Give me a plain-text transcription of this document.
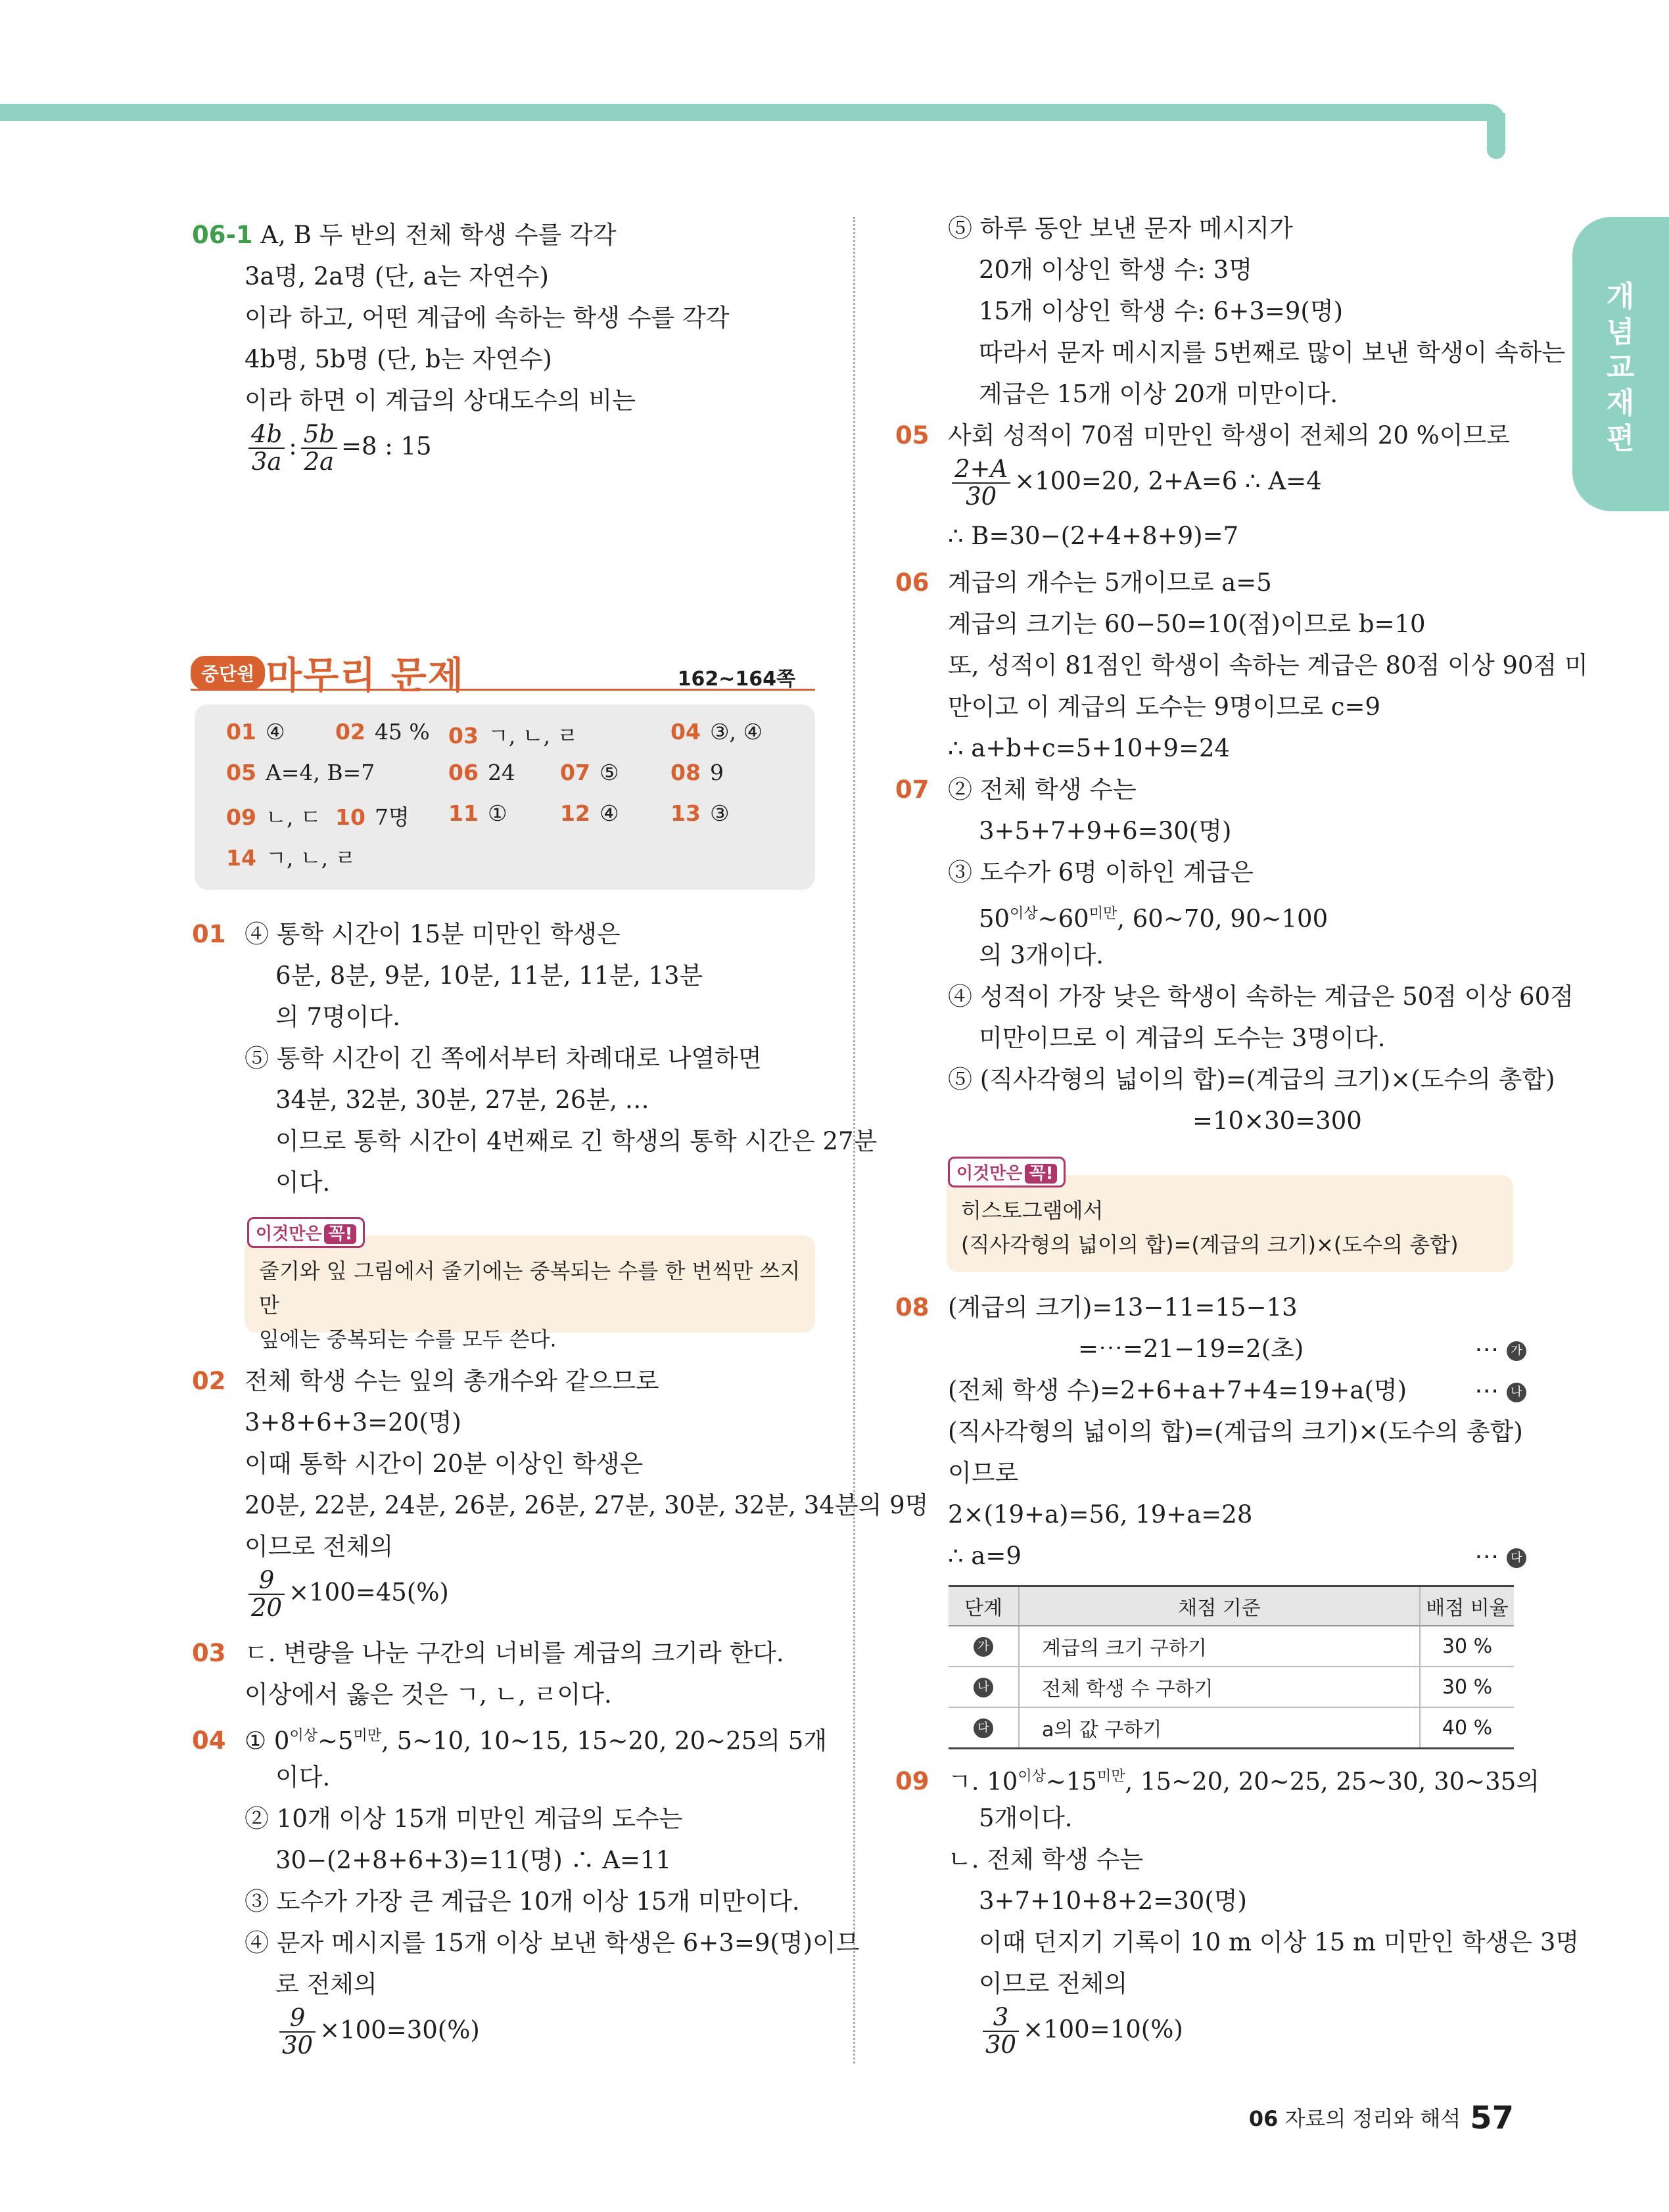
개념교재편
06-1 A, B 두 반의 전체 학생 수를 각각
3a명, 2a명 (단, a는 자연수)
이라 하고, 어떤 계급에 속하는 학생 수를 각각
4b명, 5b명 (단, b는 자연수)
이라 하면 이 계급의 상대도수의 비는
$\frac{4b}{3a}$ : $\frac{5b}{2a} =8$ : 15
중단원 마무리 문제	162~164쪽
01 ④ 02 45 % 03 ㄱ, ㄴ, ㄹ	04 ③, ④
05 A=4, B=7	06 24 07 ⑤ 08 9
09 ㄴ, ㄷ 10 7명 11 ① 12 ④ 13 ③
14 ㄱ, ㄴ, ㄹ
01 ④ 통학 시간이 15분 미만인 학생은
6분, 8분, 9분, 10분, 11분, 11분, 13분
의 7명이다.
⑤ 통학 시간이 긴 쪽에서부터 차례대로 나열하면
34분, 32분, 30분, 27분, 26분, …
이므로 통학 시간이 4번째로 긴 학생의 통학 시간은 27분
이다.
이것만은 꼭!
줄기와 잎 그림에서 줄기에는 중복되는 수를 한 번씩만 쓰지만
잎에는 중복되는 수를 모두 쓴다.
02 전체 학생 수는 잎의 총개수와 같으므로
3+8+6+3=20(명)
이때 통학 시간이 20분 이상인 학생은
20분, 22분, 24분, 26분, 26분, 27분, 30분, 32분, 34분의 9명
이므로 전체의
$\frac{9}{20} \times 100=45(\%)$
03 ㄷ. 변량을 나눈 구간의 너비를 계급의 크기라 한다.
이상에서 옳은 것은 ㄱ, ㄴ, ㄹ이다.
04 ① $0^{이상}\sim 5^{미만}$, 5~10, 10~15, 15~20, 20~25의 5개
이다.
② 10개 이상 15개 미만인 계급의 도수는
30−(2+8+6+3)=11(명) ∴ A=11
③ 도수가 가장 큰 계급은 10개 이상 15개 미만이다.
④ 문자 메시지를 15개 이상 보낸 학생은 6+3=9(명)이므
로 전체의
$\frac{9}{30} \times 100=30(\%)$
⑤ 하루 동안 보낸 문자 메시지가
20개 이상인 학생 수: 3명
15개 이상인 학생 수: 6+3=9(명)
따라서 문자 메시지를 5번째로 많이 보낸 학생이 속하는
계급은 15개 이상 20개 미만이다.
05 사회 성적이 70점 미만인 학생이 전체의 20 %이므로
$\frac{2+A}{30} \times 100=20$, 2+A=6 ∴ A=4
∴ B=30−(2+4+8+9)=7
06 계급의 개수는 5개이므로 a=5
계급의 크기는 60−50=10(점)이므로 b=10
또, 성적이 81점인 학생이 속하는 계급은 80점 이상 90점 미
만이고 이 계급의 도수는 9명이므로 c=9
∴ a+b+c=5+10+9=24
07 ② 전체 학생 수는
3+5+7+9+6=30(명)
③ 도수가 6명 이하인 계급은
$50^{이상}\sim 60^{미만}$, 60~70, 90~100
의 3개이다.
④ 성적이 가장 낮은 학생이 속하는 계급은 50점 이상 60점
미만이므로 이 계급의 도수는 3명이다.
⑤ (직사각형의 넓이의 합)=(계급의 크기)×(도수의 총합)
=10×30=300
이것만은 꼭!
히스토그램에서
(직사각형의 넓이의 합)=(계급의 크기)×(도수의 총합)
08 (계급의 크기)=13−11=15−13
=⋯=21−19=2(초)	⋯ 가
(전체 학생 수)=2+6+a+7+4=19+a(명)	⋯ 나
(직사각형의 넓이의 합)=(계급의 크기)×(도수의 총합)
이므로
2×(19+a)=56, 19+a=28
∴ a=9	⋯ 다
단계	채점 기준	배점 비율
가	계급의 크기 구하기	30 %
나	전체 학생 수 구하기	30 %
다	a의 값 구하기	40 %
09 ㄱ. $10^{이상}\sim 15^{미만}$, 15~20, 20~25, 25~30, 30~35의
5개이다.
ㄴ. 전체 학생 수는
3+7+10+8+2=30(명)
이때 던지기 기록이 10 m 이상 15 m 미만인 학생은 3명
이므로 전체의
$\frac{3}{30} \times 100=10(\%)$
06 자료의 정리와 해석 57
